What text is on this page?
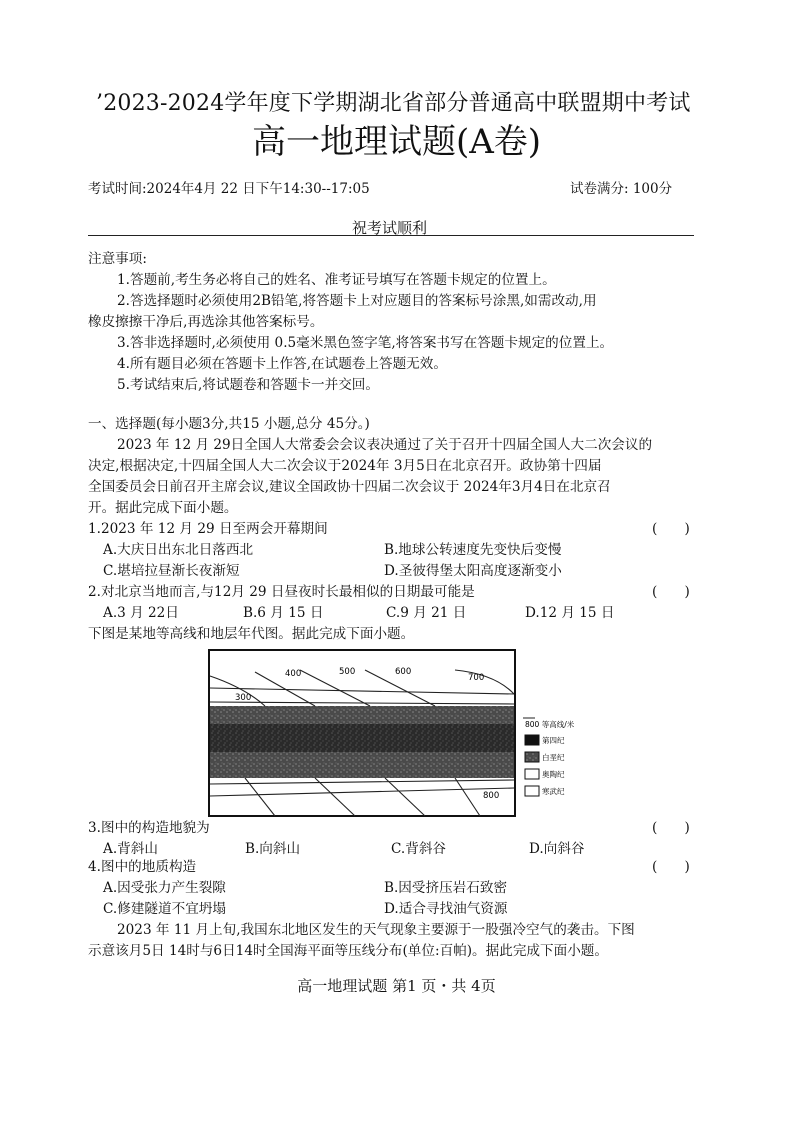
’2023-2024学年度下学期湖北省部分普通高中联盟期中考试
高一地理试题(A卷)
考试时间:2024年4月 22 日下午14:30--17:05	试卷满分: 100分
祝考试顺利
注意事项:
1.答题前,考生务必将自己的姓名、准考证号填写在答题卡规定的位置上。
2.答选择题时必须使用2B铅笔,将答题卡上对应题目的答案标号涂黑,如需改动,用
橡皮擦擦干净后,再选涂其他答案标号。
3.答非选择题时,必须使用 0.5毫米黑色签字笔,将答案书写在答题卡规定的位置上。
4.所有题目必须在答题卡上作答,在试题卷上答题无效。
5.考试结束后,将试题卷和答题卡一并交回。
一、选择题(每小题3分,共15 小题,总分 45分。)
2023 年 12 月 29日全国人大常委会会议表决通过了关于召开十四届全国人大二次会议的
决定,根据决定,十四届全国人大二次会议于2024年 3月5日在北京召开。政协第十四届
全国委员会日前召开主席会议,建议全国政协十四届二次会议于 2024年3月4日在北京召
开。据此完成下面小题。
1.2023 年 12 月 29 日至两会开幕期间	(　　)
A.大庆日出东北日落西北	B.地球公转速度先变快后变慢
C.堪培拉昼渐长夜渐短	D.圣彼得堡太阳高度逐渐变小
2.对北京当地而言,与12月 29 日昼夜时长最相似的日期最可能是	(　　)
A.3 月 22日	B.6 月 15 日	C.9 月 21 日	D.12 月 15 日
下图是某地等高线和地层年代图。据此完成下面小题。
400	500	600
700
300
800
800 等高线/米
第四纪
白垩纪
奥陶纪
寒武纪
3.图中的构造地貌为	(　　)
A.背斜山	B.向斜山	C.背斜谷	D.向斜谷
4.图中的地质构造	(　　)
A.因受张力产生裂隙	B.因受挤压岩石致密
C.修建隧道不宜坍塌	D.适合寻找油气资源
2023 年 11 月上旬,我国东北地区发生的天气现象主要源于一股强冷空气的袭击。下图
示意该月5日 14时与6日14时全国海平面等压线分布(单位:百帕)。据此完成下面小题。
高一地理试题 第1 页・共 4页
